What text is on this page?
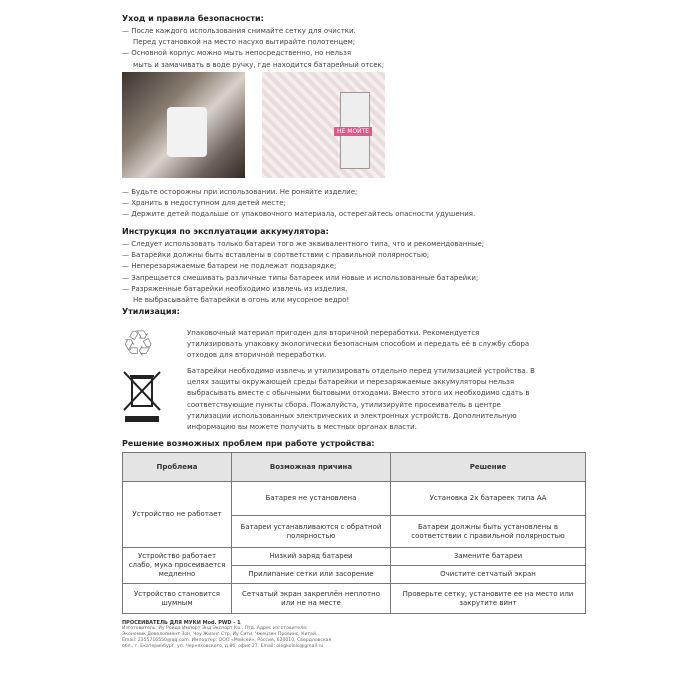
Уход и правила безопасности:

— После каждого использования снимайте сетку для очистки.

Перед установкой на место насухо вытирайте полотенцем;

— Основной корпус можно мыть непосредственно, но нельзя

мыть и замачивать в воде ручку, где находится батарейный отсек;

НЕ МОЙТЕ

— Будьте осторожны при использовании. Не роняйте изделие;

— Хранить в недоступном для детей месте;

— Держите детей подальше от упаковочного материала, остерегайтесь опасности удушения.

Инструкция по эксплуатации аккумулятора:

— Следует использовать только батареи того же эквивалентного типа, что и рекомендованные;

— Батарейки должны быть вставлены в соответствии с правильной полярностью;

— Неперезаряжаемые батареи не подлежат подзарядке;

— Запрещается смешивать различные типы батареек или новые и использованные батарейки;

— Разряженные батарейки необходимо извлечь из изделия.

Не выбрасывайте батарейки в огонь или мусорное ведро!

Утилизация:
♲	Упаковочный материал пригоден для вторичной переработки. Рекомендуется утилизировать упаковку экологически безопасным способом и передать её в службу сбора отходов для вторичной переработки.
Батарейки необходимо извлечь и утилизировать отдельно перед утилизацией устройства. В целях защиты окружающей среды батарейки и перезаряжаемые аккумуляторы нельзя выбрасывать вместе с обычными бытовыми отходами. Вместо этого их необходимо сдать в соответствующие пункты сбора. Пожалуйста, утилизируйте просеиватель в центре утилизации использованных электрических и электронных устройств. Дополнительную информацию вы можете получить в местных органах власти.
Решение возможных проблем при работе устройства:
Проблема	Возможная причина	Решение
Устройство не работает	Батарея не установлена	Установка 2х батареек типа АА
	Батареи устанавливаются с обратной полярностью	Батареи должны быть установлены в соответствии с правильной полярностью
Устройство работает слабо, мука просеивается медленно	Низкий заряд батареи	Замените батареи
	Прилипание сетки или засорение	Очистите сетчатый экран
Устройство становится шумным	Сетчатый экран закреплён неплотно или не на месте	Проверьте сетку, установите ее на место или закрутите винт
ПРОСЕИВАТЕЛЬ ДЛЯ МУКИ Mod. PWD - 1
Изготовитель: Иу Ройда Импорт Энд Экспорт Ко., Лтд. Адрес изготовителя:
Экономик Девелопмент Зон, Чоу Жианг Стр, Иу Сити, Чжецзян Провинс, Китай.
Email: 2355716550@qq.com. Импортер: ООО «Мэйсей», Россия, 620010, Свердловская
обл., г. Екатеринбург, ул. Черняховского, д.86, офис 27. Email: olegkololo@gmail.ru
